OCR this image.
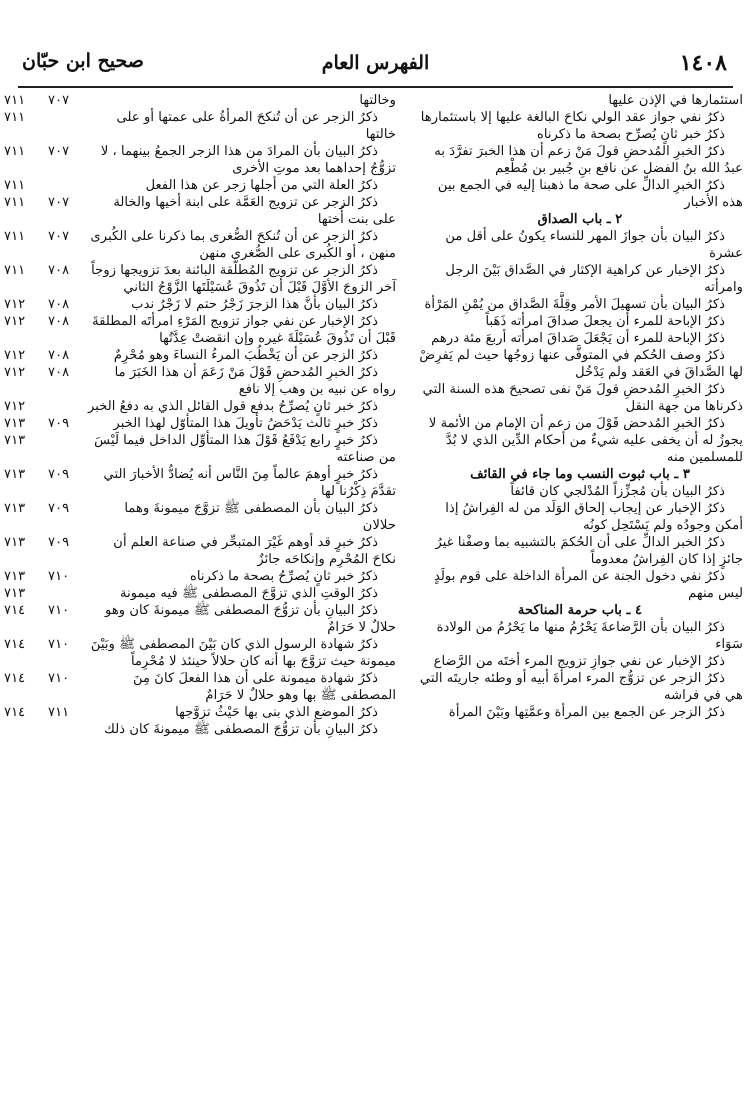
١٤٠٨
الفهرس العام
صحيح ابن حبّان
استئمارها في الإذن عليها
ذكرُ نفي جواز عقد الولي نكاحَ البالغة عليها إلا باستئمارها
ذكرُ خبر ثانٍ يُصرِّح بصحة ما ذكرناه
ذكرُ الخبرِ المُدحضِ قولَ مَنْ زعم أن هذا الخبرَ تفرَّدَ به عبدُ الله بنُ الفضل عن نافع بنِ جُبير بن مُطْعِم
ذكرُ الخبرِ الدالِّ على صحة ما ذهبنا إليه في الجمع بين هذه الأخبار
٢ ـ باب الصداق
ذكرُ البيان بأن جوازَ المهر للنساء يكونُ على أقل من عشرة
ذكرُ الإخبار عن كراهية الإكثار في الصَّداق بَيْنَ الرجل وامرأته
ذكرُ البيان بأن تسهيلَ الأمر وقِلَّةَ الصَّداق من يُمْنِ المَرْأة
ذكرُ الإباحة للمرء أن يجعلَ صداقَ امرأته ذَهَباً
ذكرُ الإباحة للمرء أن يَجْعَلَ صَداقَ امرأته أربعَ مئة درهم
ذكرُ وصف الحُكم في المتوفَّى عنها زوجُها حيث لم يَفرِضْ لها الصَّداقَ في العَقد ولم يَدْخُل
ذكرُ الخبرِ المُدحضِ قولَ مَنْ نفى تصحيحَ هذه السنة التي ذكرناها من جهة النقل
ذكرُ الخبرِ المُدحض قَوْلَ من زعم أن الإمام من الأئمة لا يجوزُ له أن يخفى عليه شيءٌ من أحكام الدِّين الذي لا بُدَّ للمسلمين منه
٣ ـ باب ثبوت النسب وما جاء في القائف
ذكرُ البيان بأن مُجزِّزاً المُدْلجي كان قائفاً
ذكرُ الإخبار عن إيجاب إلحاق الوَلَد من له الفِراشُ إذا أمكن وجودُه ولم يَسْتَحِل كونُه
ذكرُ الخبر الدالِّ على أن الحُكمَ بالتشبيه بما وصفْنا غيرُ جائزٍ إذا كان الفِراشُ معدوماً
ذكرُ نفي دخول الجنة عن المرأة الداخلة على قوم بولَدٍ ليس منهم
٤ ـ باب حرمة المناكحة
ذكرُ البيان بأن الرَّضاعةَ يَحْرُمُ منها ما يَحْرُمُ من الولادة سَوَاء
ذكرُ الإخبار عن نفي جوازِ تزويج المرء أختَه من الرَّضاع
ذكرُ الزجر عن تزوُّج المرء امرأةَ أبيه أو وطئه جاريتَه التي هي في فراشه
ذكرُ الزجر عن الجمع بين المرأة وعمَّتِها وبَيْنَ المرأة
وخالتها
٧٠٧
٧١١
ذكرُ الزجر عن أن تُنكحَ المرأةُ على عمتها أو على خالتها
٧١١
ذكرُ البيان بأن المرادَ من هذا الزجر الجمعُ بينهما ، لا تزوُّجُ إحداهما بعد موتِ الأخرى
٧٠٧
٧١١
ذكرُ العلة التي من أجلها زجر عن هذا الفعل
٧١١
ذكرُ الزجر عن تزويج العَمَّة على ابنة أخيها والخالة على بنت أُختها
٧٠٧
٧١١
ذكرُ الزجر عن أن تُنكحَ الصُّغرى بما ذكرنا على الكُبرى منهن ، أو الكُبرى على الصُّغرى منهن
٧٠٧
٧١١
ذكرُ الزجر عن تزويج المُطلَّقة البائنة بعدَ تزويجها زوجاً آخر الزوجَ الأوَّلَ قَبْلَ أن تَذُوقَ عُسَيْلَتَها الزَّوْجُ الثاني
٧٠٨
٧١١
ذكرُ البيان بأنَّ هذا الزجرَ زَجْرُ حتم لا زَجْرُ ندب
٧٠٨
٧١٢
ذكرُ الإخبار عن نفي جواز تزويج المَرْءِ امرأتَه المطلقةَ قَبْلَ أن تَذُوقَ عُسَيْلَةَ غيره وإن انقضتْ عِدَّتُها
٧٠٨
٧١٢
ذكرُ الزجر عن أن يَخْطُبَ المرءُ النساءَ وهو مُحْرِمٌ
٧٠٨
٧١٢
ذكرُ الخبرِ المُدحضِ قَوْلَ مَنْ زَعَمَ أن هذا الخَبَرَ ما رواه عن نبيه بن وهب إلا نافع
٧٠٨
٧١٢
ذكرُ خبر ثانٍ يُصرِّحُ بدفع قول القائل الذي به دفعُ الخبر
٧١٢
ذكرُ خبرٍ ثالث يَدْحَضُ تأويلَ هذا المتأوّل لهذا الخبر
٧٠٩
٧١٣
ذكرُ خبرٍ رابع يَدْفَعُ قَوْلَ هذا المتأوِّل الداخل فيما لَيْسَ من صناعته
٧١٣
ذكرُ خبرٍ أوهمَ عالماً مِنَ النَّاس أنه يُضادُّ الأخبارَ التي تقدَّمَ ذِكْرُنا لها
٧٠٩
٧١٣
ذكرُ البيان بأن المصطفى ﷺ تزوَّجَ ميمونةَ وهما حلالان
٧٠٩
٧١٣
ذكرُ خبرٍ قد أوهم غَيْرَ المتبحِّر في صناعة العلم أن نكاحَ المُحْرِم وإنكاحَه جائزٌ
٧٠٩
٧١٣
ذكرُ خبر ثانٍ يُصرِّحُ بصحة ما ذكرناه
٧١٠
٧١٣
ذكرُ الوقتِ الذي تزوَّجَ المصطفى ﷺ فيه ميمونة
٧١٣
ذكرُ البيانِ بأن تزوُّجَ المصطفى ﷺ ميمونةَ كان وهو حلالٌ لا حَرَامٌ
٧١٠
٧١٤
ذكرُ شهادة الرسول الذي كان بَيْنَ المصطفى ﷺ وبَيْنَ ميمونة حيث تزوَّجَ بها أنه كان حلالاً حينئذ لا مُحْرِماً
٧١٠
٧١٤
ذكرُ شهادة ميمونة على أن هذا الفعلَ كانَ مِنَ المصطفى ﷺ بها وهو حلالٌ لا حَرَامٌ
٧١٠
٧١٤
ذكرُ الموضع الذي بنى بها حَيْثُ تزوَّجها
٧١١
٧١٤
ذكرُ البيانِ بأن تزوُّجَ المصطفى ﷺ ميمونةَ كان ذلك
